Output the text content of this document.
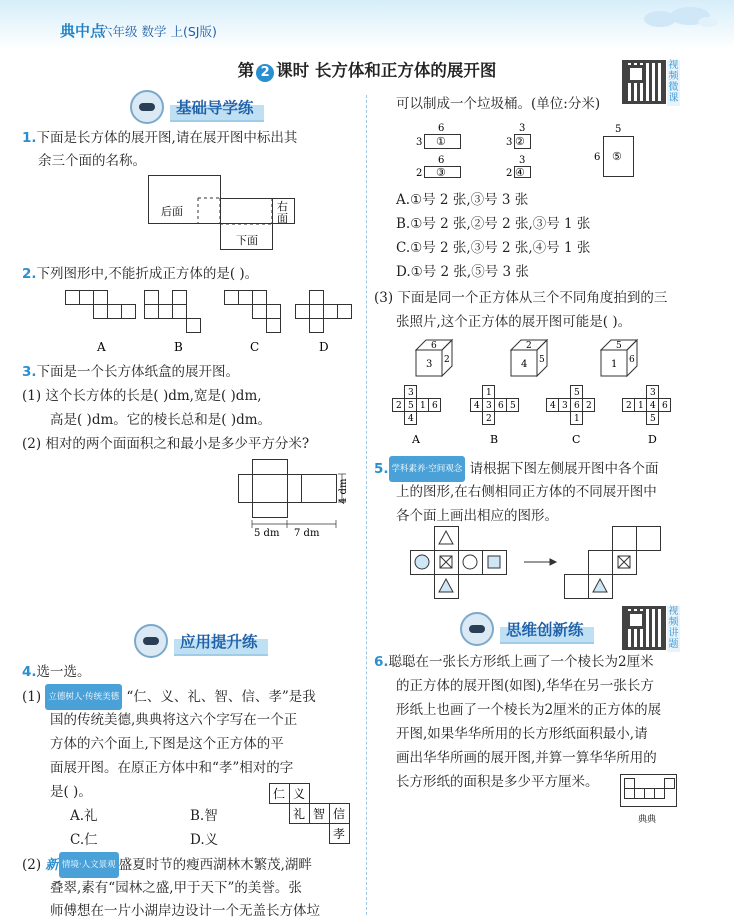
典中点
六年级 数学 上(SJ版)
第 2 课时 长方体和正方体的展开图	视频微课
基础导学练
1.下面是长方体的展开图,请在展开图中标出其
余三个面的名称。
后面	右
面
下面
2.下列图形中,不能折成正方体的是( )。
A	B	C	D
3.下面是一个长方体纸盒的展开图。
(1) 这个长方体的长是( )dm,宽是( )dm,
高是( )dm。它的棱长总和是( )dm。
(2) 相对的两个面面积之和最小是多少平方分米?
5 dm 7 dm
4 dm
应用提升练
4.选一选。
(1) 立德树人·传统美德 “仁、义、礼、智、信、孝”是我
国的传统美德,典典将这六个字写在一个正
方体的六个面上,下图是这个正方体的平
面展开图。在原正方体中和“孝”相对的字
是( )。	仁 义
礼 智 信
孝
A.礼	B.智
C.仁	D.义
(2) 新 情境·人文景观 盛夏时节的瘦西湖林木繁茂,湖畔
叠翠,素有“园林之盛,甲于天下”的美誉。张
师傅想在一片小湖岸边设计一个无盖长方体垃
可以制成一个垃圾桶。(单位:分米)
6
3 ①
3
3 ②
6
2 ③
3
2 ④
5
6 ⑤
A.①号 2 张,③号 3 张
B.①号 2 张,②号 2 张,③号 1 张
C.①号 2 张,③号 2 张,④号 1 张
D.①号 2 张,⑤号 3 张
(3) 下面是同一个正方体从三个不同角度拍到的三
张照片,这个正方体的展开图可能是( )。
6
3 2
2
4 5
5
1 6
3
2 5 1 6
4
1
4 3 6 5
2
5
4 3 6 2
1
3
2 1 4 6
5
A	B	C	D
5. 学科素养·空间观念 请根据下图左侧展开图中各个面
上的图形,在右侧相同正方体的不同展开图中
各个面上画出相应的图形。
思维创新练
视频讲题
6.聪聪在一张长方形纸上画了一个棱长为2厘米
的正方体的展开图(如图),华华在另一张长方
形纸上也画了一个棱长为2厘米的正方体的展
开图,如果华华所用的长方形纸面积最小,请
画出华华所画的展开图,并算一算华华所用的
长方形纸的面积是多少平方厘米。
典典
